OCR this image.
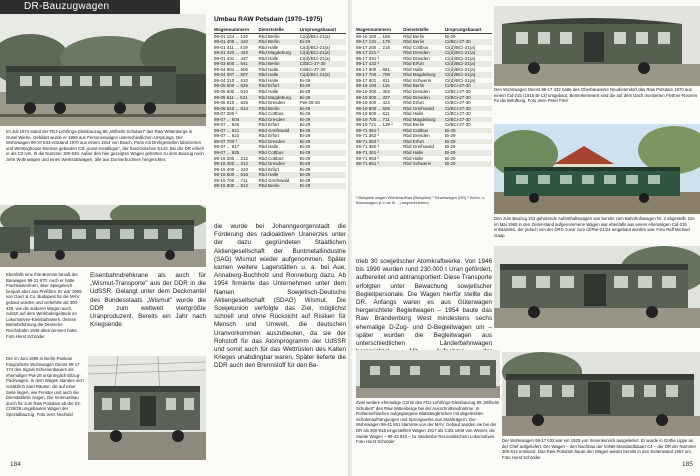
DR-Bauzugwagen
Im Juli 1974 stand der FDJ-Lehrlings-Gleisbauzug 89 „Wilhelm Schubert" des Raw Wittenberge in Gusel Wiehe. Gebildet wurde er 1959 aus Personenwagen unterschiedlichen Ursprungs. Der Wohnwagen 99-37 833 entstand 1970 aus einem 1914 von Busch, Paris mit Drehgestellen fabrizierten und Westinghouse-Bremse gebauten C3l „sonst-metallique", der französischen E143. Bei der DR erhielt er als C3 Ivm. Ih die Nummer 300-530. Außer den hier gezeigten Wagen gehörten zu dem Bauzug noch zehn Wohnwagen und einen Werkstattwagen, alle aus Donnerbüchsen hergerichtet.
Ebenfalls eine Ihle-Bremse besaß der Bauwagen 99-21 870. Auch er hatte Flachkastenform, aber Spiegeleich bespart aber aus Preßfirm. Er war 1909 von Ganz & Co. Budapest für die MÁV gebaut worden und verkehrte als 300-428, wie die anderen Wagen auch, zuletzt auf dem Werkbahngelände im Lokomotiven-Kleinbahnwerk, dessen Betriebsführung die Deutsche Reichsbahn 1949 übernommen hatte. Foto Horst Schröder
Eisenbahndrehkrane als auch für „Wismut-Transporte" aus der DDR in die UdSSR. Gelangt unter dem Deckmantel des Bundesstaats „Wismut" wurde die DDR zum weltweit viertgrößte Uranproduzent. Bereits ein Jahr nach Kriegsende
Der im Juni 1995 in Berlin-Pankow fotografierte Wohnwagen Dienst 99-17 174 des Signal-Schienenbauers als ehemaliger Pwi-28 ursprünglich Eilzug-Packwagen. In dem Wagen standen sich zusätzlich zwei Räume, die auf einer Seite liegen, wie Fenster und auch die Dienstabteile zeigen. Die Innenumbau durch für zum Raw Potsdam ab der 03-C/28/29 umgebauten Wagen der Spezialbauzug. Foto Jens Neuhold
Umbau RAW Potsdam (1970–1975)
Wagennummern	Dienststelle	Ursprungsbauart
99-01 124 ... 132	Rbd Berlin	Ci(d)/BCi-21(a)
99-01 405 ... 410	Rbd Berlin	Bi-29
99-01 411 ... 419	Rbd Halle	Ci(d)/BCi-21(a)
99-01 420 ... 422	Rbd Magdeburg	Ci(d)/BCi-21(a)
99-01 431 ... 437	Rbd Halle	Ci(d)/BCi-21(a)
99-03 600 ... 641	Rbd Berlin	Ci/BCi-27-30
99-04 601 ... 606	Rbd Halle	Ci/BCi-27-30
99-04 007 ... 607	Rbd Halle	Ci(d)/BCi-21(a)
99-04 210 ... 610	Rbd Halle	Bi-29
99-05 600 ... 625	Rbd Erfurt	Bi-29
99-05 600 ... 610	Rbd Halle	Bi-29
99-05 611 ... 621	Rbd Magdeburg	Bi-29
99-06 610 ... 625	Rbd Dresden	Pwi-28-30
99-06 610 ... 614	Rbd Berlin	Bi-29
99-07 200 ²	Rbd Cottbus	Bi-29
99-07 ... 604	Rbd Dresden	Bi-29
99-07 ... 620	Rbd Erfurt	Bi-29
99-07 ... 621	Rbd Greifswald	Bi-29
99-07 ... 622	Rbd Erfurt	Bi-29
99-07 700 ²	Rbd Dresden	Bi-29
99-07 ... 617	Rbd Halle	Bi-29
99-07 ... 625	Rbd Cottbus	Bi-29
99-15 200 ... 212	Rbd Cottbus	Bi-29
99-15 300 ... 312	Rbd Dresden	Bi-29
99-15 400 ... 410	Rbd Erfurt	Bi-29
99-15 600 ... 616	Rbd Halle	Bi-29
99-15 700 ... 711	Rbd Greifswald	Bi-29
99-15 800 ... 812	Rbd Berlin	Bi-29
die wurde bei Johanngeorgenstadt die Förderung des radioaktiven Uranerzes unter der dazu gegründeten Staatlichen Aktiengesellschaft der Buntmetallindustrie (SAG) Wismut wieder aufgenommen. Später kamen weitere Lagerstätten u. a. bei Aue, Annaberg-Buchholz und Ronneburg dazu. Ab 1954 firmierte das Unternehmen unter dem Namen Sowjetisch-Deutsche Aktiengesellschaft (SDAG) Wismut. Die Sowjetunion verfolgte das Ziel, möglichst schnell und ohne Rücksicht auf Risiken für Mensch und Umwelt, die deutschen Uranvorkommen auszubeuten, da sie der Rohstoff für das Atomprogramm der UdSSR und somit auch für das Wettrüsten des Kalten Krieges unabdingbar waren. Später lieferte die DDR auch den Brennstoff für den Be-
184
Wagennummern	Dienststelle	Ursprungsbauart
99-15 150 ... 155	Rbd Berlin	Bi-29
99-17 131 ... 179	Rbd Berlin	Ci/BCi-27-30
99-17 200 ... 216	Rbd Cottbus	Ci(d)/BCi-21(a)
99-17 221 ²	Rbd Dresden	Ci(d)/BCi-21(a)
99-17 331 ²	Rbd Dresden	Ci(d)/BCi-21(a)
99-17 432 ²	Rbd Erfurt	Ci(d)/BCi-21(a)
99-17 600 ... 661	Rbd Halle	Ci(d)/BCi-21(a)
99-17 700 ... 706	Rbd Magdeburg	Ci(d)/BCi-21(a)
99-17 801 ... 811	Rbd Schwerin	Ci(d)/BCi-21(a)
99-19 100 ... 115	Rbd Berlin	Ci/BCi-27-30
99-19 200 ... 302	Rbd Dresden	Ci/BCi-27-30
99-19 300 ... 337	Rbd Dresden	Ci/BCi-27-30
99-19 400 ... 422	Rbd Erfurt	Ci/BCi-27-30
99-19 500 ... 506	Rbd Greifswald	Ci/BCi-27-30
99-19 600 ... 611	Rbd Halle	Ci/BCi-27-30
99-19 700 ... 711	Rbd Magdeburg	Ci/BCi-27-30
99-19 721 ... 139 ²	Rbd Berlin	Ci/BCi-27-30
99-71 361 ²	Rbd Cottbus	Bi-29
99-71 362 ²	Rbd Dresden	Bi-29
99-71 363 ²	Rbd Erfurt	Bi-29
99-71 360 ²	Rbd Greifswald	Bi-29
99-71 461 ²	Rbd Halle	Bi-29
99-71 563 ²	Rbd Halle	Bi-29
99-71 661 ²	Rbd Schwerin	Bi-29
¹ Beispiele wagen Wiederaufbau (Beispiele) ² Einzelwagen (DR) ³ Wohn- u. Büroswagen (L.II ab III ...) angeschrieben)
Den Wohnwagen Dienst 99-17 432 hatte des Oberbauwerks Neudietendorf das Raw Potsdam 1970 aus einem Cid-21b (1916 Bi-13) umgebaut. Bemerkenswert sind die auf dem Dach montierten Flettner-Rotoren für die Belüftung. Foto Jens Peter Friel
Den zum Bauzug 103 gehörende Aufenthaltswagen war bereits zum Bahnhofswagen Nr. 2 abgestellt. Der im Mai 1960 in den Zeitenstand aufgenommene Wagen war ebenfalls aus einem ehemaligen Cid-21b entstanden, der jedoch von der DRG zuvor zum Cl/Pwi-21/24 umgebaut worden war. Foto Ralf Michael Gaap
trieb 30 sowjetischer Atomkraftwerke. Von 1946 bis 1990 wurden rund 230.000 t Uran gefördert, aufbereitet und abtransportiert. Diese Transporte erfolgten unter Bewachung sowjetischer Begleitpersonale. Die Wagen hierfür stellte die DR. Anfangs waren es aus Güterwagen hergerichtete Begleitwagen – 1954 baute das Raw Brandenburg West mindestens sechs ehemalige D-Zug- und D-Begleitwagen um – später wurden die Begleitwagen aus unterschiedlichen Länderbahnwagen
Zwei weitere ehemalige C3/ Bi des FDJ-Lehrlings-Gleisbauzug 89 „Wilhelm Schubert" des Raw Wittenberge bei der Ausschnittsaufnahme. In Rothenschlachen aufgegangene Blattsteigbrücken mit abgelenkten Schalenaufhängungen und Sprengwerke aus Stahlträgern. Der Wohnwagen 99-41 861 stammte von der MÁV. Gebaut wurden sie bei der DR als 300-918 eingestellten Wagen 1917 als C3/a 1949 von Weiner, die zweite Wagen – 99-43 910 – zu Vasdeisbe Reconvitischem Lokomotiven. Foto Horst Schröder	Der Wohnwagen 99-17 632 war ein 1925 von Sevenkorvick ausgeliefert. Er wurde in Gotha Lippe an der Chef aufgeliefert. Der Wagen – den Nachbau der VoNB-Standardbauart C4 – der DR der Nummer 300-614 entstand. Das Raw Potsdam baute den Wagen wieder bereits in den Seitenwand 1967 um. Foto Horst Schröder
185
